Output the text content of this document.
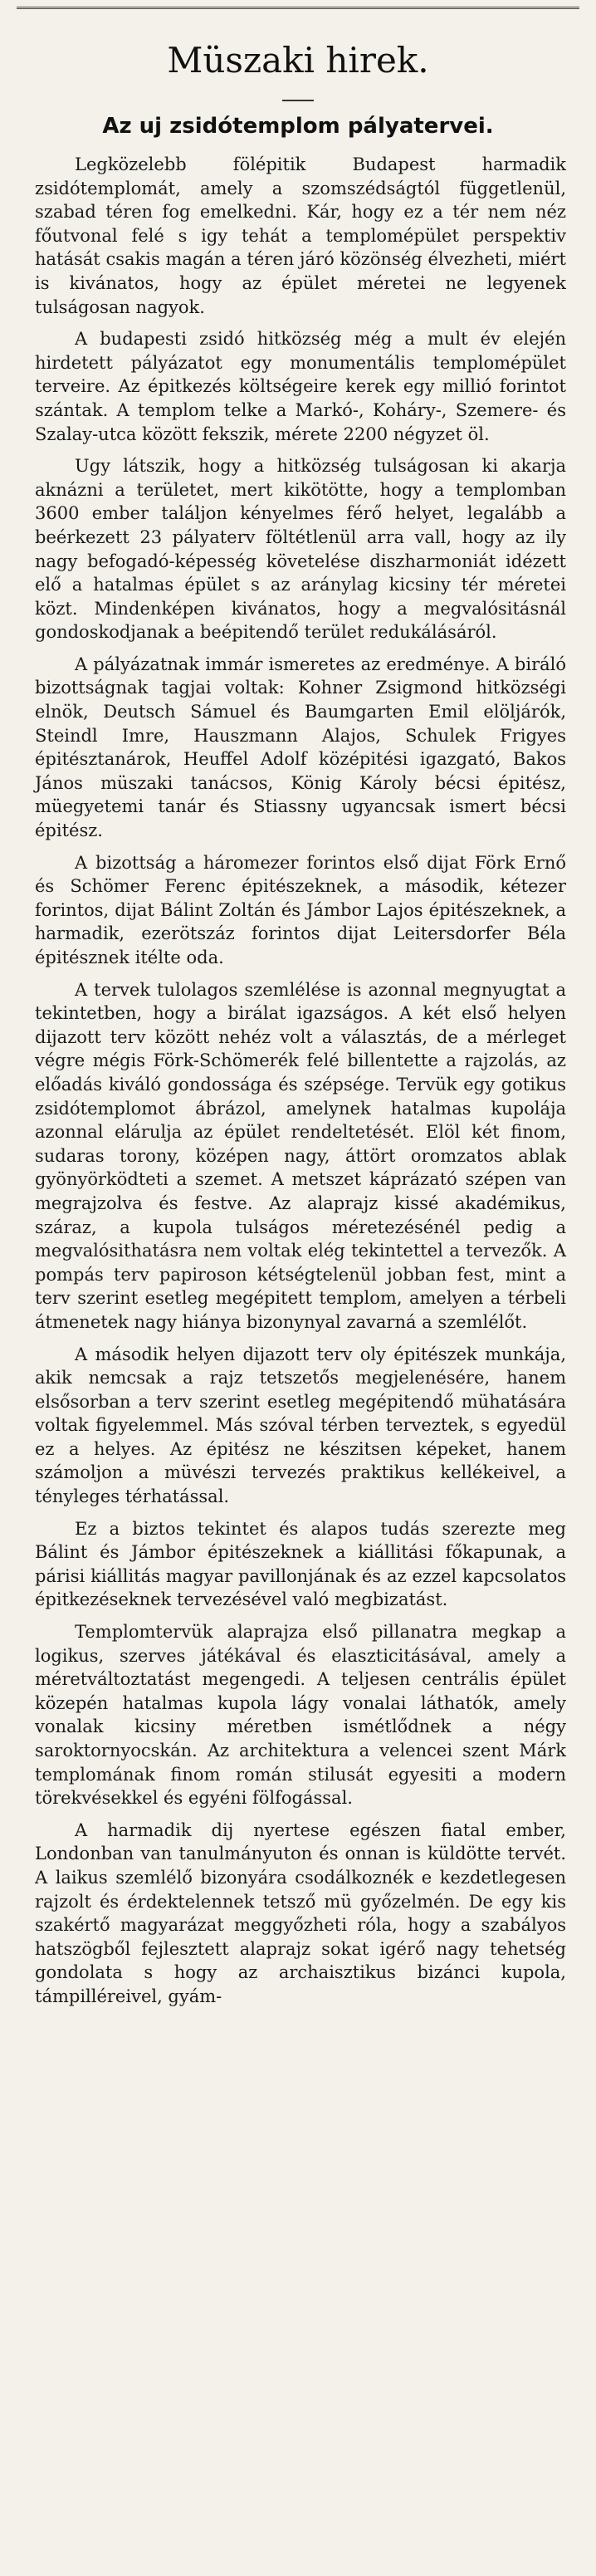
Müszaki hirek.
Az uj zsidótemplom pályatervei.

Legközelebb fölépitik Budapest harmadik zsidótemplomát, amely a szomszédságtól függetlenül, szabad téren fog emelkedni. Kár, hogy ez a tér nem néz főutvonal felé s igy tehát a templomépület perspektiv hatását csakis magán a téren járó közönség élvezheti, miért is kivánatos, hogy az épület méretei ne legyenek tulságosan nagyok.

A budapesti zsidó hitközség még a mult év elején hirdetett pályázatot egy monumentális templomépület terveire. Az épitkezés költségeire kerek egy millió forintot szántak. A templom telke a Markó-, Koháry-, Szemere- és Szalay-utca között fekszik, mérete 2200 négyzet öl.

Ugy látszik, hogy a hitközség tulságosan ki akarja aknázni a területet, mert kikötötte, hogy a templomban 3600 ember találjon kényelmes férő helyet, legalább a beérkezett 23 pályaterv föltétlenül arra vall, hogy az ily nagy befogadó-képesség követelése diszharmoniát idézett elő a hatalmas épület s az aránylag kicsiny tér méretei közt. Mindenképen kivánatos, hogy a megvalósitásnál gondoskodjanak a beépitendő terület redukálásáról.

A pályázatnak immár ismeretes az eredménye. A biráló bizottságnak tagjai voltak: Kohner Zsigmond hitközségi elnök, Deutsch Sámuel és Baumgarten Emil elöljárók, Steindl Imre, Hauszmann Alajos, Schulek Frigyes épitésztanárok, Heuffel Adolf középitési igazgató, Bakos János müszaki tanácsos, König Károly bécsi épitész, müegyetemi tanár és Stiassny ugyancsak ismert bécsi épitész.

A bizottság a háromezer forintos első dijat Förk Ernő és Schömer Ferenc épitészeknek, a második, kétezer forintos, dijat Bálint Zoltán és Jámbor Lajos épitészeknek, a harmadik, ezerötszáz forintos dijat Leitersdorfer Béla épitésznek itélte oda.

A tervek tulolagos szemlélése is azonnal megnyugtat a tekintetben, hogy a birálat igazságos. A két első helyen dijazott terv között nehéz volt a választás, de a mérleget végre mégis Förk-Schömerék felé billentette a rajzolás, az előadás kiváló gondossága és szépsége. Tervük egy gotikus zsidótemplomot ábrázol, amelynek hatalmas kupolája azonnal elárulja az épület rendeltetését. Elöl két finom, sudaras torony, középen nagy, áttört oromzatos ablak gyönyörködteti a szemet. A metszet káprázató szépen van megrajzolva és festve. Az alaprajz kissé akadémikus, száraz, a kupola tulságos méretezésénél pedig a megvalósithatásra nem voltak elég tekintettel a tervezők. A pompás terv papiroson kétségtelenül jobban fest, mint a terv szerint esetleg megépitett templom, amelyen a térbeli átmenetek nagy hiánya bizonynyal zavarná a szemlélőt.

A második helyen dijazott terv oly épitészek munkája, akik nemcsak a rajz tetszetős megjelenésére, hanem elsősorban a terv szerint esetleg megépitendő mühatására voltak figyelemmel. Más szóval térben terveztek, s egyedül ez a helyes. Az épitész ne készitsen képeket, hanem számoljon a müvészi tervezés praktikus kellékeivel, a tényleges térhatással.

Ez a biztos tekintet és alapos tudás szerezte meg Bálint és Jámbor épitészeknek a kiállitási főkapunak, a párisi kiállitás magyar pavillonjának és az ezzel kapcsolatos épitkezéseknek tervezésével való megbizatást.

Templomtervük alaprajza első pillanatra megkap a logikus, szerves játékával és elaszticitásával, amely a méretváltoztatást megengedi. A teljesen centrális épület közepén hatalmas kupola lágy vonalai láthatók, amely vonalak kicsiny méretben ismétlődnek a négy saroktornyocskán. Az architektura a velencei szent Márk templomának finom román stilusát egyesiti a modern törekvésekkel és egyéni fölfogással.

A harmadik dij nyertese egészen fiatal ember, Londonban van tanulmányuton és onnan is küldötte tervét. A laikus szemlélő bizonyára csodálkoznék e kezdetlegesen rajzolt és érdektelennek tetsző mü győzelmén. De egy kis szakértő magyarázat meggyőzheti róla, hogy a szabályos hatszögből fejlesztett alaprajz sokat igérő nagy tehetség gondolata s hogy az archaisztikus bizánci kupola, támpilléreivel, gyám-
